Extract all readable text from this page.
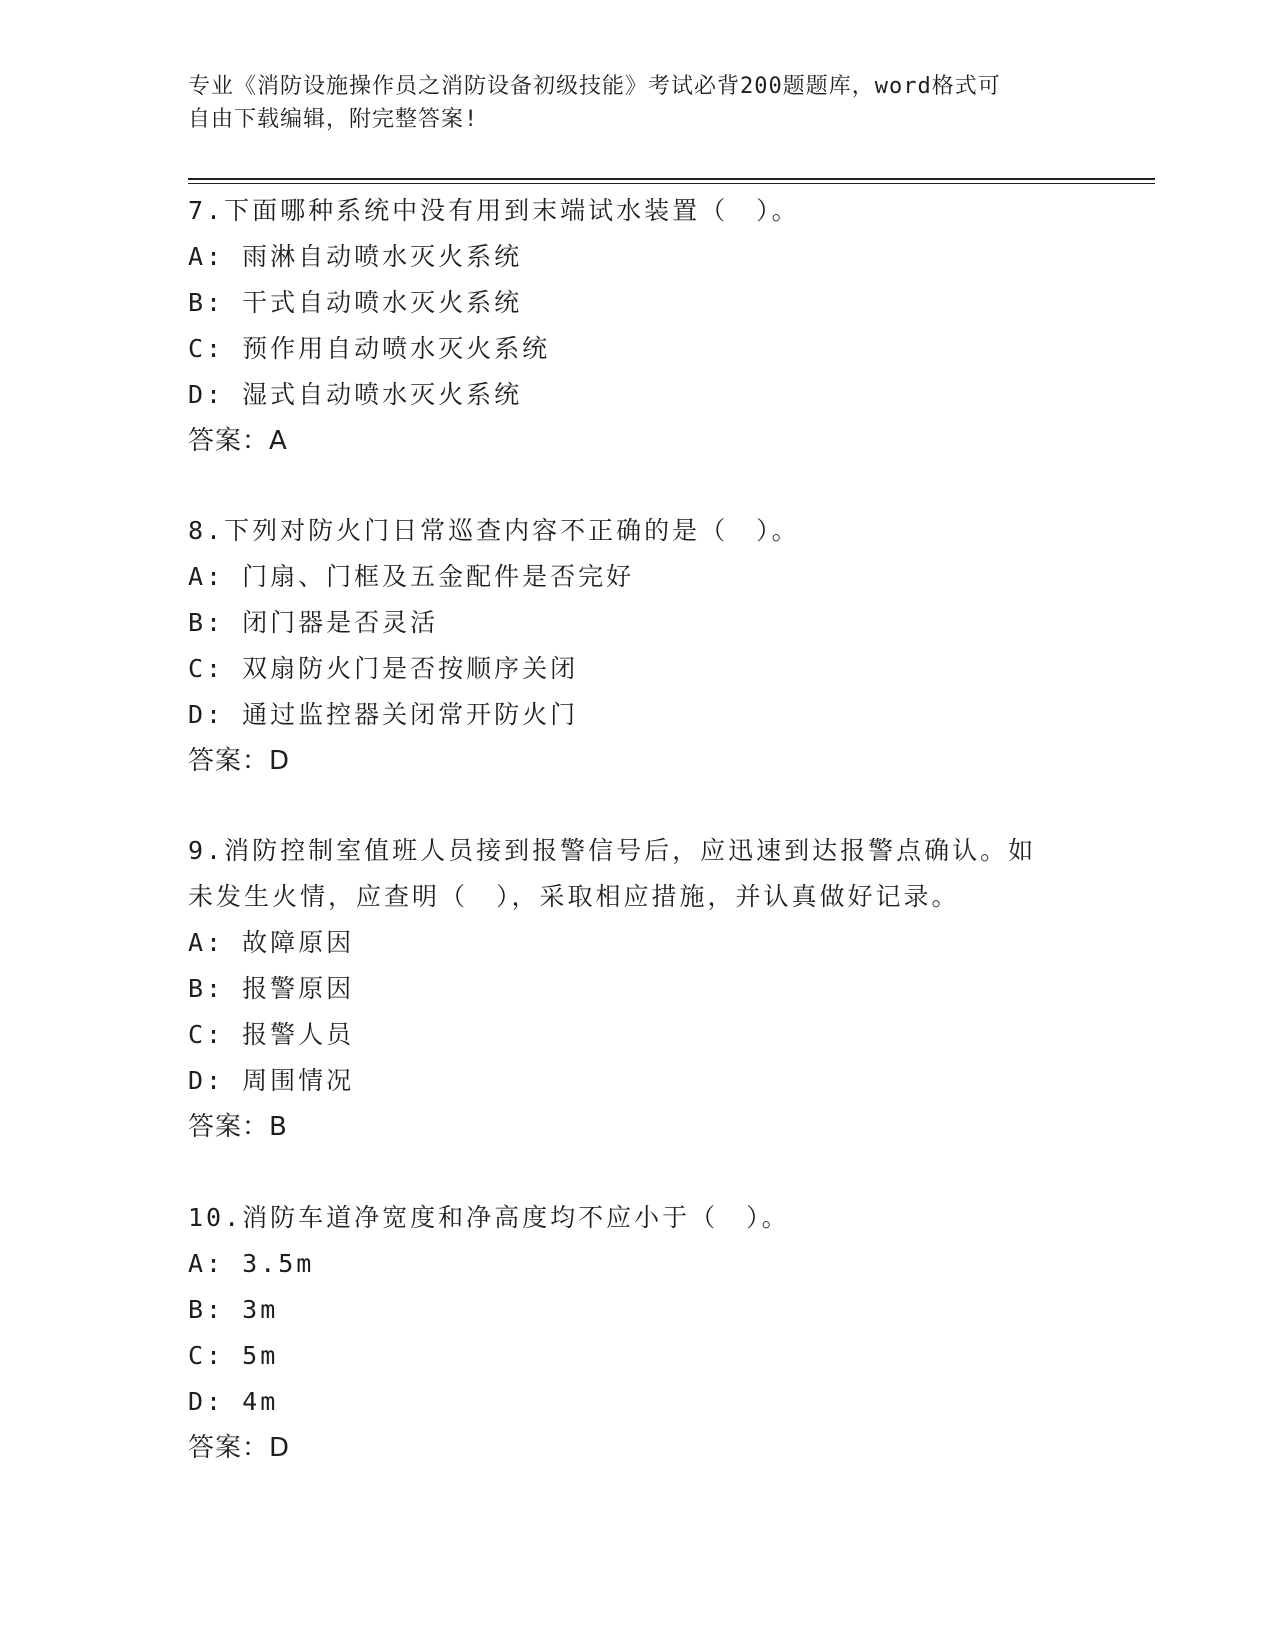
专业《消防设施操作员之消防设备初级技能》考试必背200题题库，word格式可
自由下载编辑，附完整答案!
7.下面哪种系统中没有用到末端试水装置（　）。
A: 雨淋自动喷水灭火系统
B: 干式自动喷水灭火系统
C: 预作用自动喷水灭火系统
D: 湿式自动喷水灭火系统
答案：A
8.下列对防火门日常巡查内容不正确的是（　）。
A: 门扇、门框及五金配件是否完好
B: 闭门器是否灵活
C: 双扇防火门是否按顺序关闭
D: 通过监控器关闭常开防火门
答案：D
9.消防控制室值班人员接到报警信号后，应迅速到达报警点确认。如
未发生火情，应查明（　），采取相应措施，并认真做好记录。
A: 故障原因
B: 报警原因
C: 报警人员
D: 周围情况
答案：B
10.消防车道净宽度和净高度均不应小于（　）。
A: 3.5m
B: 3m
C: 5m
D: 4m
答案：D
